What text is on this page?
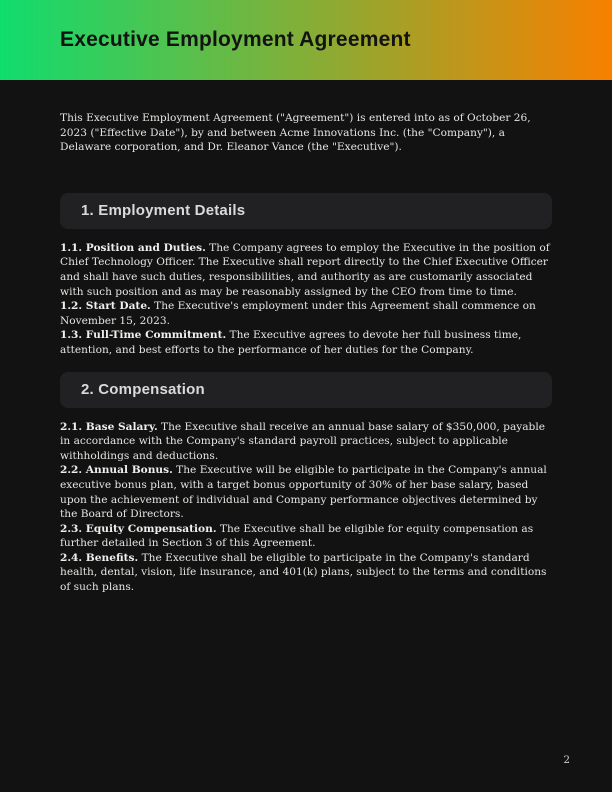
Executive Employment Agreement

This Executive Employment Agreement ("Agreement") is entered into as of October 26, 2023 ("Effective Date"), by and between Acme Innovations Inc. (the "Company"), a Delaware corporation, and Dr. Eleanor Vance (the "Executive").

1. Employment Details

1.1. Position and Duties. The Company agrees to employ the Executive in the position of Chief Technology Officer. The Executive shall report directly to the Chief Executive Officer and shall have such duties, responsibilities, and authority as are customarily associated with such position and as may be reasonably assigned by the CEO from time to time.

1.2. Start Date. The Executive's employment under this Agreement shall commence on November 15, 2023.

1.3. Full-Time Commitment. The Executive agrees to devote her full business time, attention, and best efforts to the performance of her duties for the Company.

2. Compensation

2.1. Base Salary. The Executive shall receive an annual base salary of $350,000, payable in accordance with the Company's standard payroll practices, subject to applicable withholdings and deductions.

2.2. Annual Bonus. The Executive will be eligible to participate in the Company's annual executive bonus plan, with a target bonus opportunity of 30% of her base salary, based upon the achievement of individual and Company performance objectives determined by the Board of Directors.

2.3. Equity Compensation. The Executive shall be eligible for equity compensation as further detailed in Section 3 of this Agreement.

2.4. Benefits. The Executive shall be eligible to participate in the Company's standard health, dental, vision, life insurance, and 401(k) plans, subject to the terms and conditions of such plans.

2
